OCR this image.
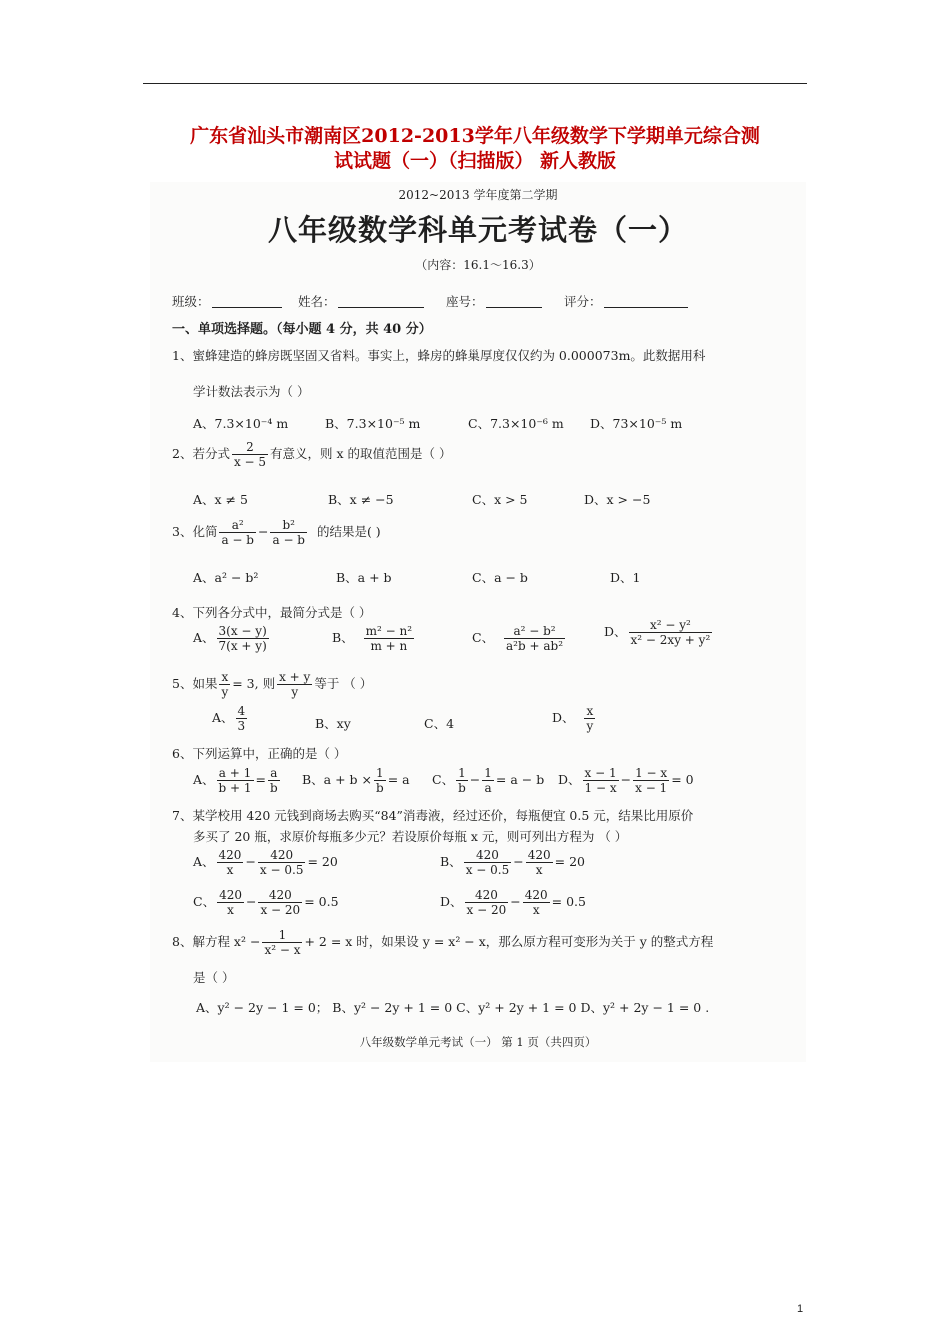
广东省汕头市潮南区2012-2013学年八年级数学下学期单元综合测
试试题（一）（扫描版） 新人教版
2012~2013 学年度第二学期
八年级数学科单元考试卷（一）
（内容：16.1～16.3）
班级：	姓名：	座号：	评分：
一、单项选择题。（每小题 4 分，共 40 分）
1、蜜蜂建造的蜂房既坚固又省料。事实上，蜂房的蜂巢厚度仅仅约为 0.000073m。此数据用科
学计数法表示为（ ）
A、7.3×10⁻⁴ m	B、7.3×10⁻⁵ m	C、7.3×10⁻⁶ m D、73×10⁻⁵ m
2、若分式 $\frac{2}{x - 5}$ 有意义，则 x 的取值范围是（ ）
A、x ≠ 5	B、x ≠ −5	C、x > 5	D、x > −5
3、化简 $\frac{\text{a²}}{a - b} - \frac{\text{b²}}{a - b}$ 的结果是( )
A、a² − b²	B、a + b	C、a − b	D、1
4、下列各分式中，最简分式是（ ）
A、 $\frac{3(x - y)}{7(x + y)}$	B、 $\frac{\text{m² − n²}}{m + n}$	C、 $\frac{\text{a² − b²}}{\text{a²b + ab²}}$	D、 $\frac{\text{x² − y²}}{\text{x² − 2xy + y²}}$
5、如果 $\frac{x}{y} = 3$, 则 $\frac{x + y}{y}$ 等于 （ ）
A、 $\frac{4}{3}$	B、xy	C、4	D、 $\frac{x}{y}$
6、下列运算中，正确的是（ ）
A、 $\frac{a + 1}{b + 1} = \frac{a}{b}$ B、$a + b \times \frac{1}{b} = a$ C、 $\frac{1}{b} - \frac{1}{a} = a - b$ D、 $\frac{x - 1}{1 - x} - \frac{1 - x}{x - 1} = 0$
7、某学校用 420 元钱到商场去购买“84”消毒液，经过还价，每瓶便宜 0.5 元，结果比用原价
多买了 20 瓶，求原价每瓶多少元？若设原价每瓶 x 元，则可列出方程为 （ ）
A、 $\frac{420}{x} - \frac{420}{x - 0.5} = 20$	B、 $\frac{420}{x - 0.5} - \frac{420}{x} = 20$
C、 $\frac{420}{x} - \frac{420}{x - 20} = 0.5$	D、 $\frac{420}{x - 20} - \frac{420}{x} = 0.5$
8、解方程 $x^2 - \frac{1}{\text{x² − x}} + 2 = x$ 时，如果设 y = x² − x，那么原方程可变形为关于 y 的整式方程
是（ ）
A、y² − 2y − 1 = 0； B、y² − 2y + 1 = 0 C、y² + 2y + 1 = 0 D、y² + 2y − 1 = 0 .
八年级数学单元考试（一） 第 1 页（共四页）
1
